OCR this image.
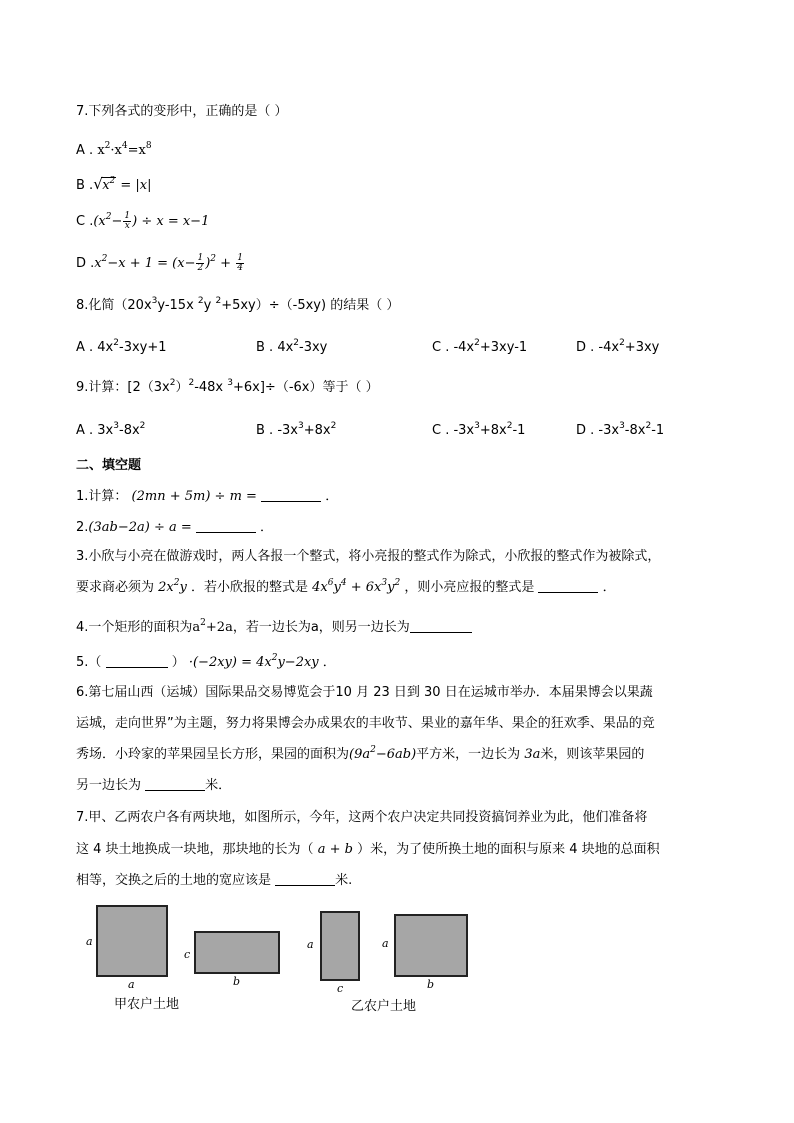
7.下列各式的变形中，正确的是（ ）
A . $x^2\cdot x^4=x^8$
B . √ $x^2 = |x|$
C $.(x^2- \frac{1}{x}$ ) ÷ x = x−1
D $.x^2-x + 1 = (x- \frac{1}{2} )^2 + \frac{1}{4}$
8.化简（$20x^3y-15x$ $^2$y $^2$+5xy）÷（-5xy) 的结果（ ）
A . $4x^2-3xy+1$	B . $4x^2-3xy$	C . $-4x^2+3xy-1$	D . $-4x^2+3xy$
9.计算：[$2(3x^2)^2-48x$ $^3$+6x]÷（-6x）等于（ ）
A . $3x^3-8x^2$	B . $-3x^3+8x^2$	C . $-3x^3+8x^2-1$	D . $-3x^3-8x^2-1$
二、填空题
1.计算： (2mn + 5m) ÷ m =	．
2.(3ab−2a) ÷ a =	．
3.小欣与小亮在做游戏时，两人各报一个整式，将小亮报的整式作为除式，小欣报的整式作为被除式，
要求商必须为 $2x^2y$ ．若小欣报的整式是 $4x^6y^4 + 6x^3y^2$ ，则小亮应报的整式是	．
4.一个矩形的面积为$a^2+2a$，若一边长为a，则另一边长为
5.（	） $\cdot(-2xy) = 4x^2y-2xy$ ．
6.第七届山西（运城）国际果品交易博览会于10 月 23 日到 30 日在运城市举办．本届果博会以果蔬
运城，走向世界”为主题，努力将果博会办成果农的丰收节、果业的嘉年华、果企的狂欢季、果品的竞
秀场．小玲家的苹果园呈长方形，果园的面积为$(9a^2-6ab)$平方米，一边长为 3a米，则该苹果园的
另一边长为	米．
7.甲、乙两农户各有两块地，如图所示，今年，这两个农户决定共同投资搞饲养业为此，他们准备将
这 4 块土地换成一块地，那块地的长为（ a + b ）米，为了使所换土地的面积与原来 4 块地的总面积
相等，交换之后的土地的宽应该是	米.
a
a
c
b
甲农户土地
a
c
a
b
乙农户土地
